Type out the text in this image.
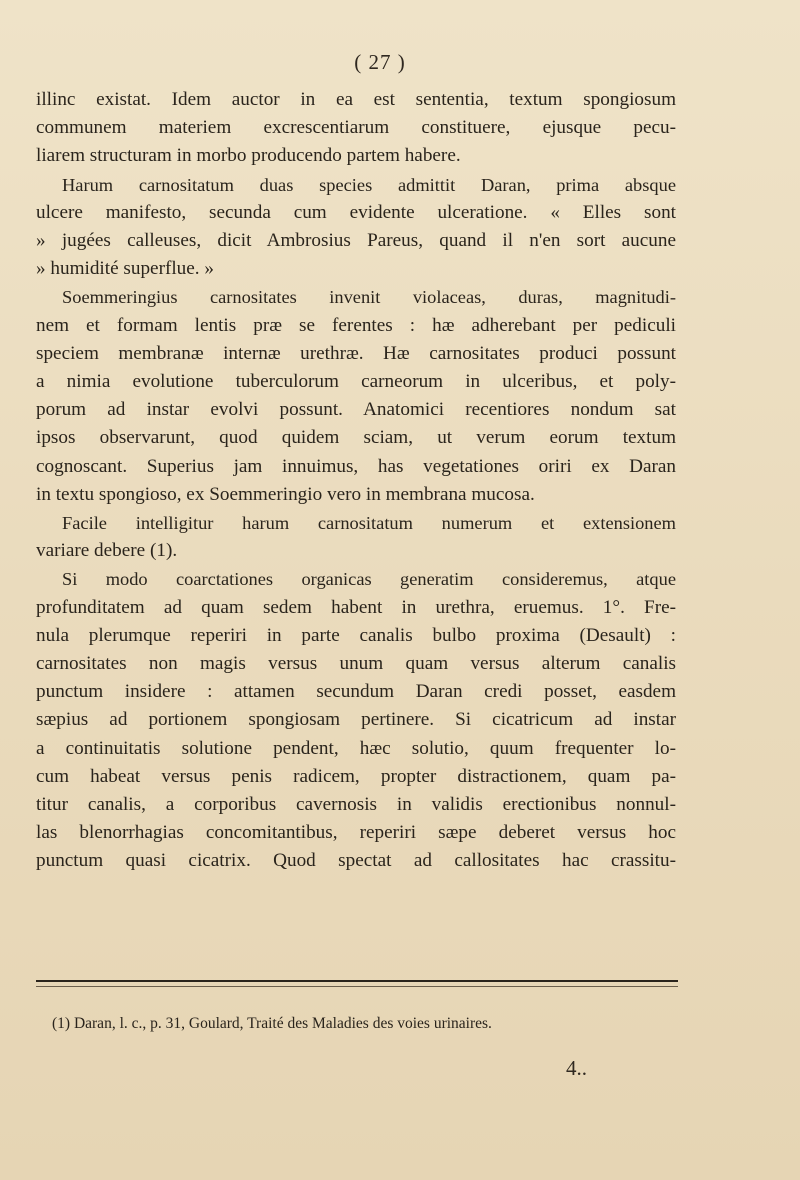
( 27 )
illinc existat. Idem auctor in ea est sententia, textum spongiosum
communem materiem excrescentiarum constituere, ejusque pecu-
liarem structuram in morbo producendo partem habere.
Harum carnositatum duas species admittit Daran, prima absque
ulcere manifesto, secunda cum evidente ulceratione. « Elles sont
» jugées calleuses, dicit Ambrosius Pareus, quand il n'en sort aucune
» humidité superflue. »
Soemmeringius carnositates invenit violaceas, duras, magnitudi-
nem et formam lentis præ se ferentes : hæ adherebant per pediculi
speciem membranæ internæ urethræ. Hæ carnositates produci possunt
a nimia evolutione tuberculorum carneorum in ulceribus, et poly-
porum ad instar evolvi possunt. Anatomici recentiores nondum sat
ipsos observarunt, quod quidem sciam, ut verum eorum textum
cognoscant. Superius jam innuimus, has vegetationes oriri ex Daran
in textu spongioso, ex Soemmeringio vero in membrana mucosa.
Facile intelligitur harum carnositatum numerum et extensionem
variare debere (1).
Si modo coarctationes organicas generatim consideremus, atque
profunditatem ad quam sedem habent in urethra, eruemus. 1°. Fre-
nula plerumque reperiri in parte canalis bulbo proxima (Desault) :
carnositates non magis versus unum quam versus alterum canalis
punctum insidere : attamen secundum Daran credi posset, easdem
sæpius ad portionem spongiosam pertinere. Si cicatricum ad instar
a continuitatis solutione pendent, hæc solutio, quum frequenter lo-
cum habeat versus penis radicem, propter distractionem, quam pa-
titur canalis, a corporibus cavernosis in validis erectionibus nonnul-
las blenorrhagias concomitantibus, reperiri sæpe deberet versus hoc
punctum quasi cicatrix. Quod spectat ad callositates hac crassitu-
(1) Daran, l. c., p. 31, Goulard, Traité des Maladies des voies urinaires.
4..
